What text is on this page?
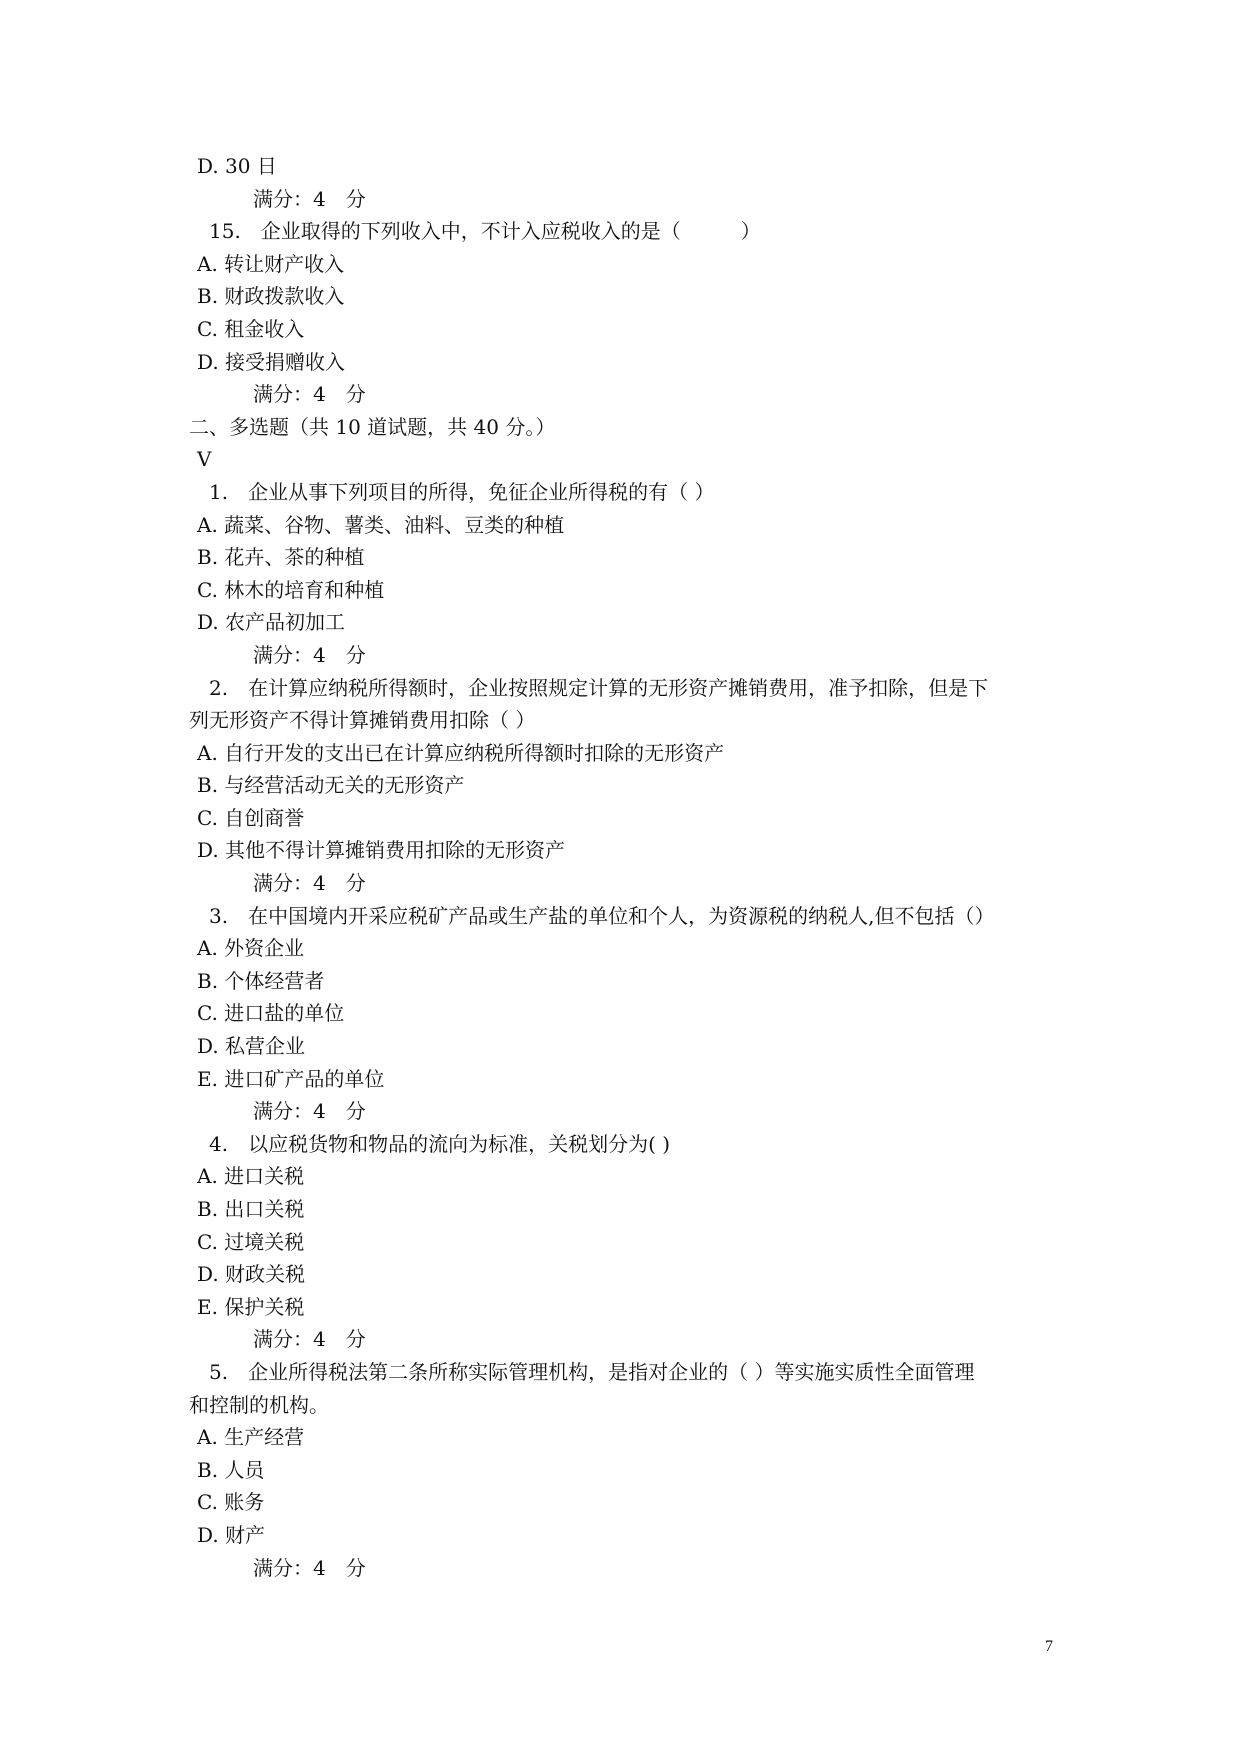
D. 30 日
满分：4　分
15.　企业取得的下列收入中，不计入应税收入的是（　　　）
A. 转让财产收入
B. 财政拨款收入
C. 租金收入
D. 接受捐赠收入
满分：4　分
二、多选题（共 10 道试题，共 40 分。）
V
1.　企业从事下列项目的所得，免征企业所得税的有（ ）
A. 蔬菜、谷物、薯类、油料、豆类的种植
B. 花卉、茶的种植
C. 林木的培育和种植
D. 农产品初加工
满分：4　分
2.　在计算应纳税所得额时，企业按照规定计算的无形资产摊销费用，准予扣除，但是下
列无形资产不得计算摊销费用扣除（ ）
A. 自行开发的支出已在计算应纳税所得额时扣除的无形资产
B. 与经营活动无关的无形资产
C. 自创商誉
D. 其他不得计算摊销费用扣除的无形资产
满分：4　分
3.　在中国境内开采应税矿产品或生产盐的单位和个人，为资源税的纳税人,但不包括（）
A. 外资企业
B. 个体经营者
C. 进口盐的单位
D. 私营企业
E. 进口矿产品的单位
满分：4　分
4.　以应税货物和物品的流向为标准，关税划分为( )
A. 进口关税
B. 出口关税
C. 过境关税
D. 财政关税
E. 保护关税
满分：4　分
5.　企业所得税法第二条所称实际管理机构，是指对企业的（ ）等实施实质性全面管理
和控制的机构。
A. 生产经营
B. 人员
C. 账务
D. 财产
满分：4　分
7
